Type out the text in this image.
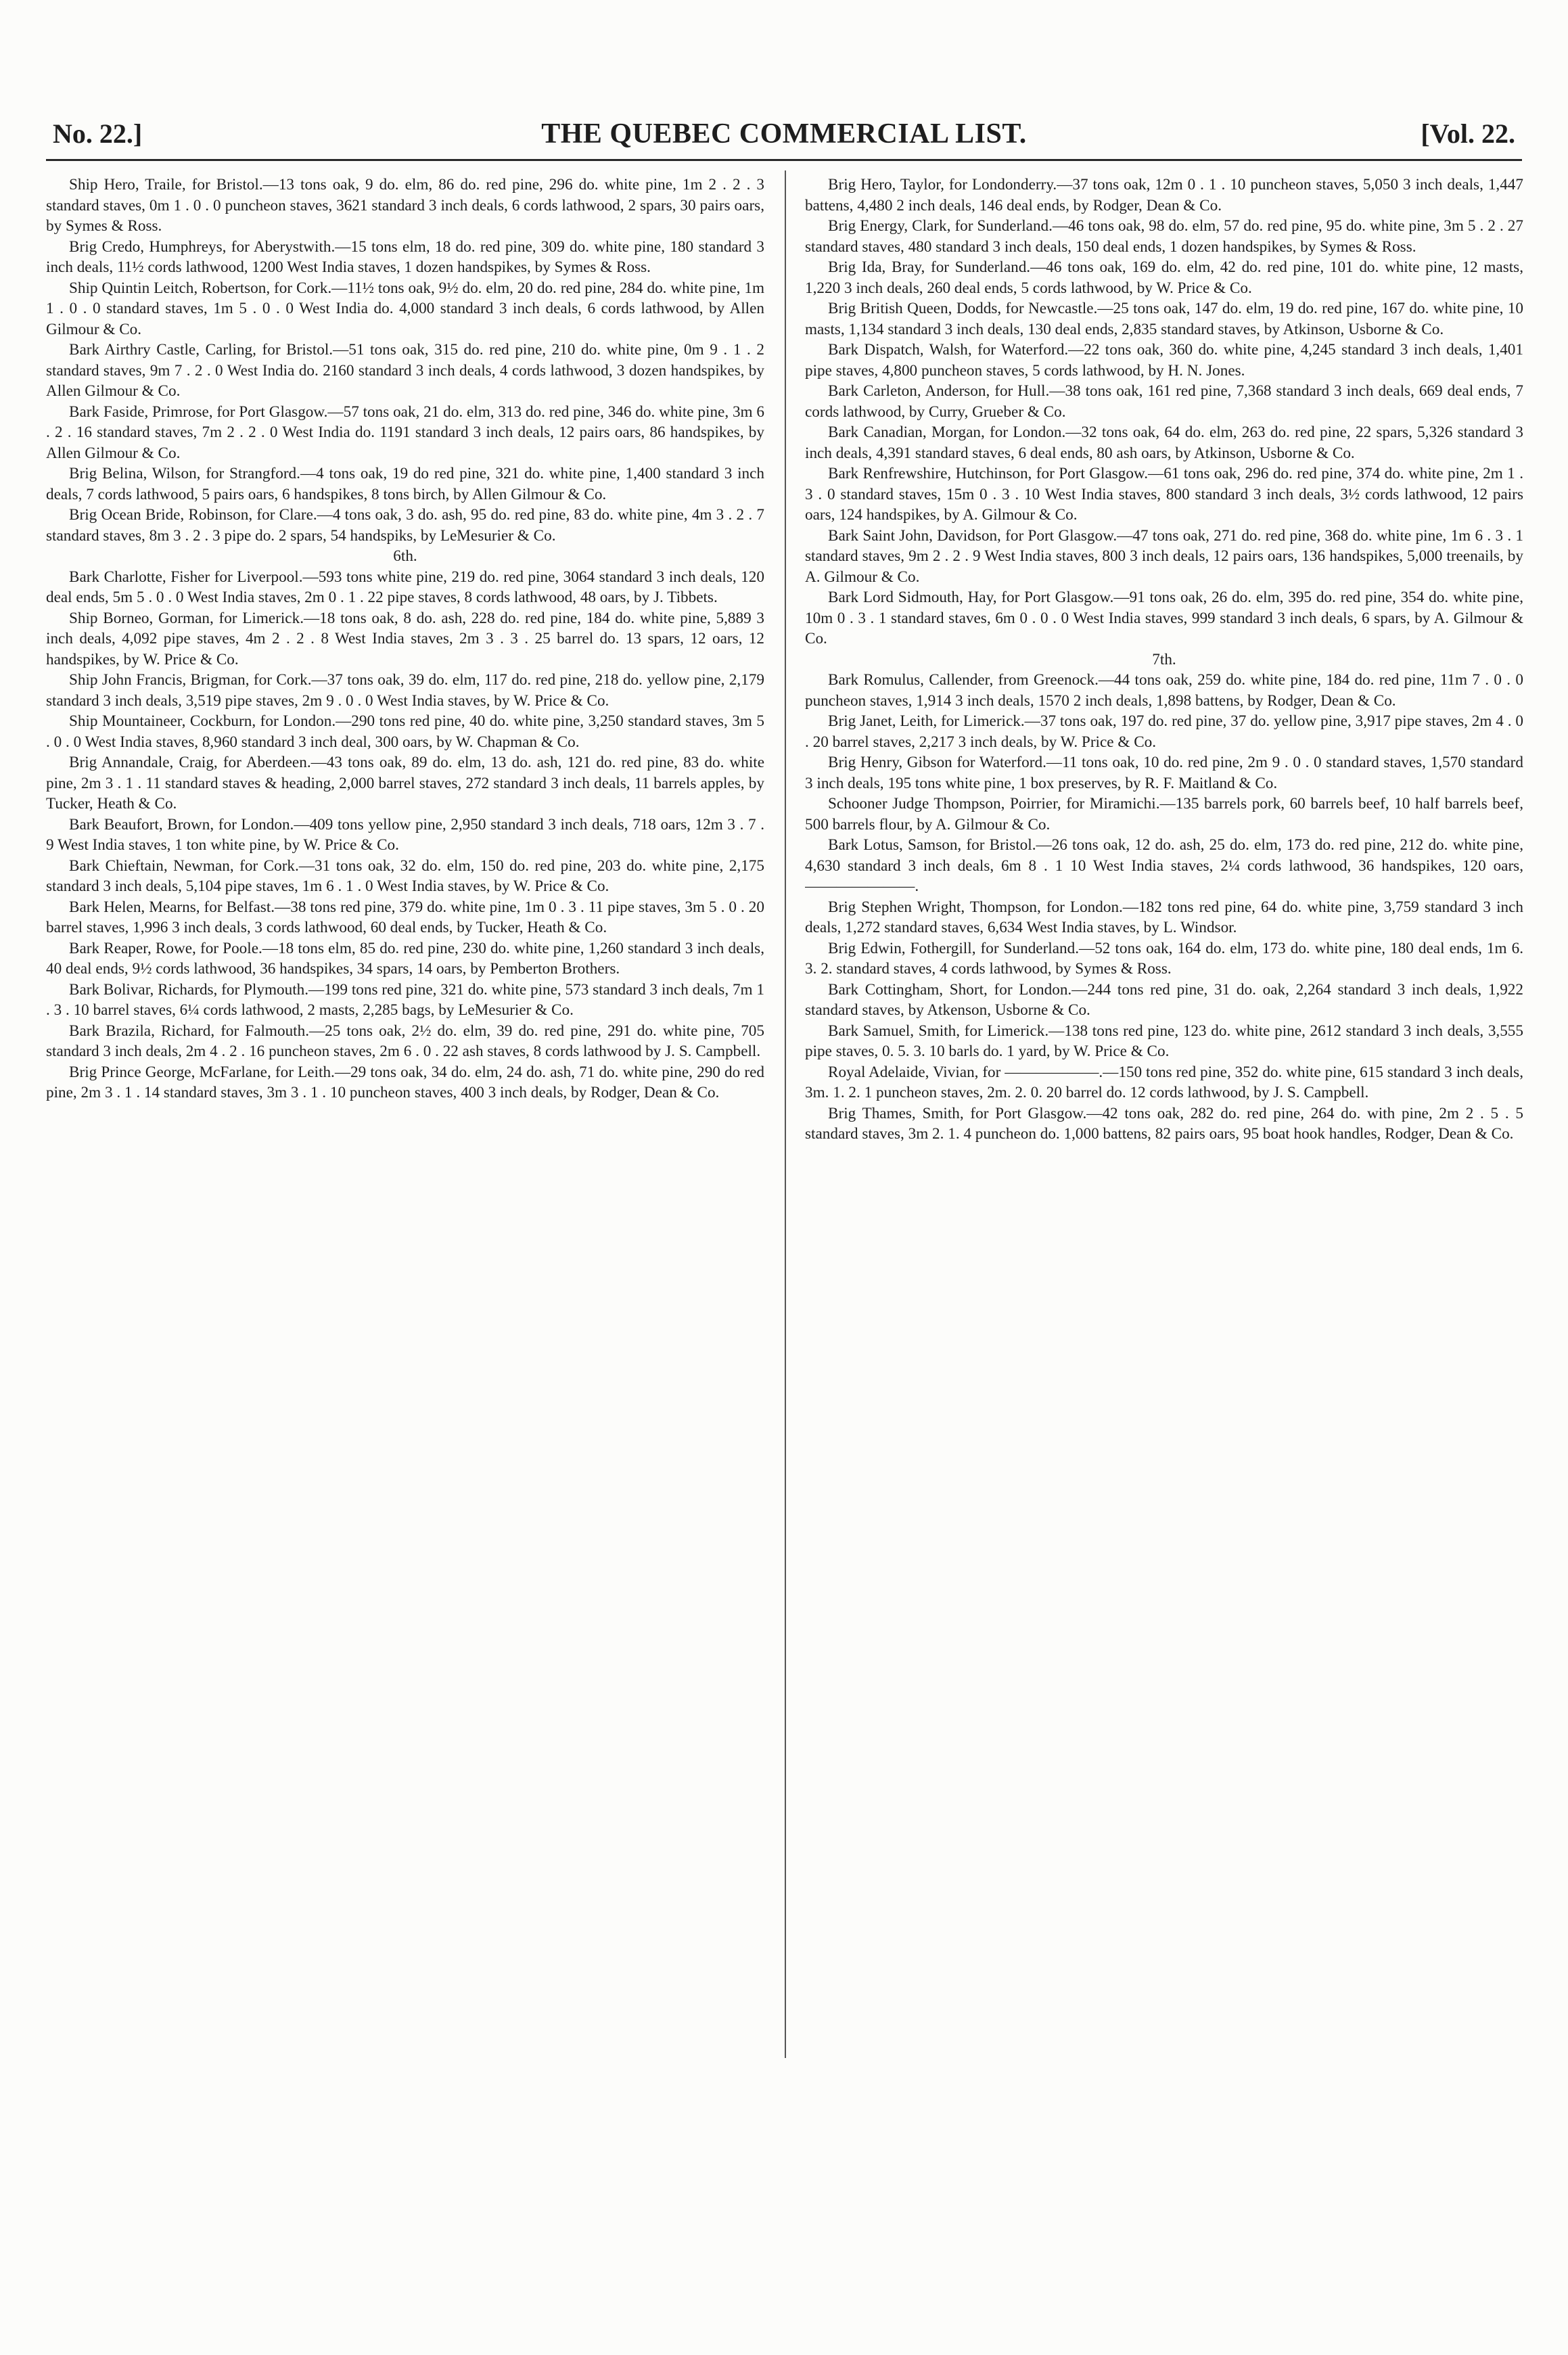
No. 22.]	THE QUEBEC COMMERCIAL LIST.	[Vol. 22.

Ship Hero, Traile, for Bristol.—13 tons oak, 9 do. elm, 86 do. red pine, 296 do. white pine, 1m 2 . 2 . 3 standard staves, 0m 1 . 0 . 0 puncheon staves, 3621 standard 3 inch deals, 6 cords lathwood, 2 spars, 30 pairs oars, by Symes & Ross.

Brig Credo, Humphreys, for Aberystwith.—15 tons elm, 18 do. red pine, 309 do. white pine, 180 standard 3 inch deals, 11½ cords lathwood, 1200 West India staves, 1 dozen handspikes, by Symes & Ross.

Ship Quintin Leitch, Robertson, for Cork.—11½ tons oak, 9½ do. elm, 20 do. red pine, 284 do. white pine, 1m 1 . 0 . 0 standard staves, 1m 5 . 0 . 0 West India do. 4,000 standard 3 inch deals, 6 cords lathwood, by Allen Gilmour & Co.

Bark Airthry Castle, Carling, for Bristol.—51 tons oak, 315 do. red pine, 210 do. white pine, 0m 9 . 1 . 2 standard staves, 9m 7 . 2 . 0 West India do. 2160 standard 3 inch deals, 4 cords lathwood, 3 dozen handspikes, by Allen Gilmour & Co.

Bark Faside, Primrose, for Port Glasgow.—57 tons oak, 21 do. elm, 313 do. red pine, 346 do. white pine, 3m 6 . 2 . 16 standard staves, 7m 2 . 2 . 0 West India do. 1191 standard 3 inch deals, 12 pairs oars, 86 handspikes, by Allen Gilmour & Co.

Brig Belina, Wilson, for Strangford.—4 tons oak, 19 do red pine, 321 do. white pine, 1,400 standard 3 inch deals, 7 cords lathwood, 5 pairs oars, 6 handspikes, 8 tons birch, by Allen Gilmour & Co.

Brig Ocean Bride, Robinson, for Clare.—4 tons oak, 3 do. ash, 95 do. red pine, 83 do. white pine, 4m 3 . 2 . 7 standard staves, 8m 3 . 2 . 3 pipe do. 2 spars, 54 handspiks, by LeMesurier & Co.

6th.

Bark Charlotte, Fisher for Liverpool.—593 tons white pine, 219 do. red pine, 3064 standard 3 inch deals, 120 deal ends, 5m 5 . 0 . 0 West India staves, 2m 0 . 1 . 22 pipe staves, 8 cords lathwood, 48 oars, by J. Tibbets.

Ship Borneo, Gorman, for Limerick.—18 tons oak, 8 do. ash, 228 do. red pine, 184 do. white pine, 5,889 3 inch deals, 4,092 pipe staves, 4m 2 . 2 . 8 West India staves, 2m 3 . 3 . 25 barrel do. 13 spars, 12 oars, 12 handspikes, by W. Price & Co.

Ship John Francis, Brigman, for Cork.—37 tons oak, 39 do. elm, 117 do. red pine, 218 do. yellow pine, 2,179 standard 3 inch deals, 3,519 pipe staves, 2m 9 . 0 . 0 West India staves, by W. Price & Co.

Ship Mountaineer, Cockburn, for London.—290 tons red pine, 40 do. white pine, 3,250 standard staves, 3m 5 . 0 . 0 West India staves, 8,960 standard 3 inch deal, 300 oars, by W. Chapman & Co.

Brig Annandale, Craig, for Aberdeen.—43 tons oak, 89 do. elm, 13 do. ash, 121 do. red pine, 83 do. white pine, 2m 3 . 1 . 11 standard staves & heading, 2,000 barrel staves, 272 standard 3 inch deals, 11 barrels apples, by Tucker, Heath & Co.

Bark Beaufort, Brown, for London.—409 tons yellow pine, 2,950 standard 3 inch deals, 718 oars, 12m 3 . 7 . 9 West India staves, 1 ton white pine, by W. Price & Co.

Bark Chieftain, Newman, for Cork.—31 tons oak, 32 do. elm, 150 do. red pine, 203 do. white pine, 2,175 standard 3 inch deals, 5,104 pipe staves, 1m 6 . 1 . 0 West India staves, by W. Price & Co.

Bark Helen, Mearns, for Belfast.—38 tons red pine, 379 do. white pine, 1m 0 . 3 . 11 pipe staves, 3m 5 . 0 . 20 barrel staves, 1,996 3 inch deals, 3 cords lathwood, 60 deal ends, by Tucker, Heath & Co.

Bark Reaper, Rowe, for Poole.—18 tons elm, 85 do. red pine, 230 do. white pine, 1,260 standard 3 inch deals, 40 deal ends, 9½ cords lathwood, 36 handspikes, 34 spars, 14 oars, by Pemberton Brothers.

Bark Bolivar, Richards, for Plymouth.—199 tons red pine, 321 do. white pine, 573 standard 3 inch deals, 7m 1 . 3 . 10 barrel staves, 6¼ cords lathwood, 2 masts, 2,285 bags, by LeMesurier & Co.

Bark Brazila, Richard, for Falmouth.—25 tons oak, 2½ do. elm, 39 do. red pine, 291 do. white pine, 705 standard 3 inch deals, 2m 4 . 2 . 16 puncheon staves, 2m 6 . 0 . 22 ash staves, 8 cords lathwood by J. S. Campbell.

Brig Prince George, McFarlane, for Leith.—29 tons oak, 34 do. elm, 24 do. ash, 71 do. white pine, 290 do red pine, 2m 3 . 1 . 14 standard staves, 3m 3 . 1 . 10 puncheon staves, 400 3 inch deals, by Rodger, Dean & Co.

Brig Hero, Taylor, for Londonderry.—37 tons oak, 12m 0 . 1 . 10 puncheon staves, 5,050 3 inch deals, 1,447 battens, 4,480 2 inch deals, 146 deal ends, by Rodger, Dean & Co.

Brig Energy, Clark, for Sunderland.—46 tons oak, 98 do. elm, 57 do. red pine, 95 do. white pine, 3m 5 . 2 . 27 standard staves, 480 standard 3 inch deals, 150 deal ends, 1 dozen handspikes, by Symes & Ross.

Brig Ida, Bray, for Sunderland.—46 tons oak, 169 do. elm, 42 do. red pine, 101 do. white pine, 12 masts, 1,220 3 inch deals, 260 deal ends, 5 cords lathwood, by W. Price & Co.

Brig British Queen, Dodds, for Newcastle.—25 tons oak, 147 do. elm, 19 do. red pine, 167 do. white pine, 10 masts, 1,134 standard 3 inch deals, 130 deal ends, 2,835 standard staves, by Atkinson, Usborne & Co.

Bark Dispatch, Walsh, for Waterford.—22 tons oak, 360 do. white pine, 4,245 standard 3 inch deals, 1,401 pipe staves, 4,800 puncheon staves, 5 cords lathwood, by H. N. Jones.

Bark Carleton, Anderson, for Hull.—38 tons oak, 161 red pine, 7,368 standard 3 inch deals, 669 deal ends, 7 cords lathwood, by Curry, Grueber & Co.

Bark Canadian, Morgan, for London.—32 tons oak, 64 do. elm, 263 do. red pine, 22 spars, 5,326 standard 3 inch deals, 4,391 standard staves, 6 deal ends, 80 ash oars, by Atkinson, Usborne & Co.

Bark Renfrewshire, Hutchinson, for Port Glasgow.—61 tons oak, 296 do. red pine, 374 do. white pine, 2m 1 . 3 . 0 standard staves, 15m 0 . 3 . 10 West India staves, 800 standard 3 inch deals, 3½ cords lathwood, 12 pairs oars, 124 handspikes, by A. Gilmour & Co.

Bark Saint John, Davidson, for Port Glasgow.—47 tons oak, 271 do. red pine, 368 do. white pine, 1m 6 . 3 . 1 standard staves, 9m 2 . 2 . 9 West India staves, 800 3 inch deals, 12 pairs oars, 136 handspikes, 5,000 treenails, by A. Gilmour & Co.

Bark Lord Sidmouth, Hay, for Port Glasgow.—91 tons oak, 26 do. elm, 395 do. red pine, 354 do. white pine, 10m 0 . 3 . 1 standard staves, 6m 0 . 0 . 0 West India staves, 999 standard 3 inch deals, 6 spars, by A. Gilmour & Co.

7th.

Bark Romulus, Callender, from Greenock.—44 tons oak, 259 do. white pine, 184 do. red pine, 11m 7 . 0 . 0 puncheon staves, 1,914 3 inch deals, 1570 2 inch deals, 1,898 battens, by Rodger, Dean & Co.

Brig Janet, Leith, for Limerick.—37 tons oak, 197 do. red pine, 37 do. yellow pine, 3,917 pipe staves, 2m 4 . 0 . 20 barrel staves, 2,217 3 inch deals, by W. Price & Co.

Brig Henry, Gibson for Waterford.—11 tons oak, 10 do. red pine, 2m 9 . 0 . 0 standard staves, 1,570 standard 3 inch deals, 195 tons white pine, 1 box preserves, by R. F. Maitland & Co.

Schooner Judge Thompson, Poirrier, for Miramichi.—135 barrels pork, 60 barrels beef, 10 half barrels beef, 500 barrels flour, by A. Gilmour & Co.

Bark Lotus, Samson, for Bristol.—26 tons oak, 12 do. ash, 25 do. elm, 173 do. red pine, 212 do. white pine, 4,630 standard 3 inch deals, 6m 8 . 1 10 West India staves, 2¼ cords lathwood, 36 handspikes, 120 oars, ———————.

Brig Stephen Wright, Thompson, for London.—182 tons red pine, 64 do. white pine, 3,759 standard 3 inch deals, 1,272 standard staves, 6,634 West India staves, by L. Windsor.

Brig Edwin, Fothergill, for Sunderland.—52 tons oak, 164 do. elm, 173 do. white pine, 180 deal ends, 1m 6. 3. 2. standard staves, 4 cords lathwood, by Symes & Ross.

Bark Cottingham, Short, for London.—244 tons red pine, 31 do. oak, 2,264 standard 3 inch deals, 1,922 standard staves, by Atkenson, Usborne & Co.

Bark Samuel, Smith, for Limerick.—138 tons red pine, 123 do. white pine, 2612 standard 3 inch deals, 3,555 pipe staves, 0. 5. 3. 10 barls do. 1 yard, by W. Price & Co.

Royal Adelaide, Vivian, for ——————.—150 tons red pine, 352 do. white pine, 615 standard 3 inch deals, 3m. 1. 2. 1 puncheon staves, 2m. 2. 0. 20 barrel do. 12 cords lathwood, by J. S. Campbell.

Brig Thames, Smith, for Port Glasgow.—42 tons oak, 282 do. red pine, 264 do. with pine, 2m 2 . 5 . 5 standard staves, 3m 2. 1. 4 puncheon do. 1,000 battens, 82 pairs oars, 95 boat hook handles, Rodger, Dean & Co.
